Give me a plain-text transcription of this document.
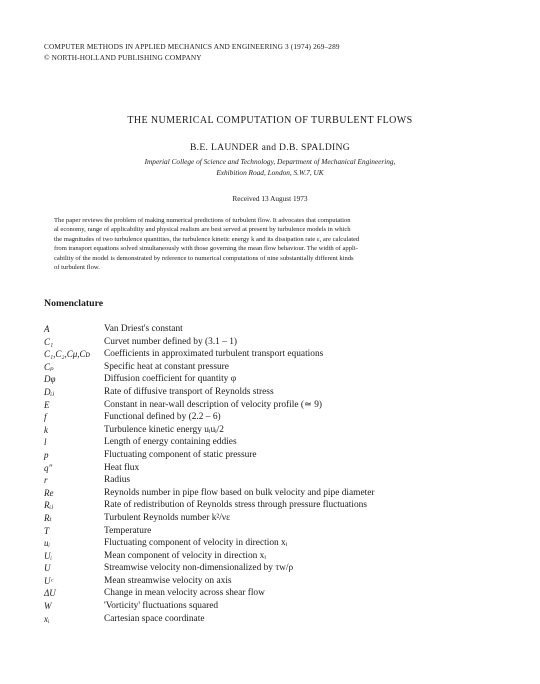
COMPUTER METHODS IN APPLIED MECHANICS AND ENGINEERING 3 (1974) 269–289
© NORTH-HOLLAND PUBLISHING COMPANY
THE NUMERICAL COMPUTATION OF TURBULENT FLOWS
B.E. LAUNDER and D.B. SPALDING
Imperial College of Science and Technology, Department of Mechanical Engineering,
Exhibition Road, London, S.W.7, UK
Received 13 August 1973
The paper reviews the problem of making numerical predictions of turbulent flow. It advocates that computation
al economy, range of applicability and physical realism are best served at present by turbulence models in which
the magnitudes of two turbulence quantities, the turbulence kinetic energy k and its dissipation rate ε, are calculated
from transport equations solved simultaneously with those governing the mean flow behaviour. The width of appli-
cability of the model is demonstrated by reference to numerical computations of nine substantially different kinds
of turbulent flow.
Nomenclature
A	Van Driest's constant
C₁	Curvet number defined by (3.1 – 1)
C₁,C₂,Cμ,Cᴅ Coefficients in approximated turbulent transport equations
Cₚ	Specific heat at constant pressure
Dφ	Diffusion coefficient for quantity φ
Dᵢⱼ	Rate of diffusive transport of Reynolds stress
E	Constant in near-wall description of velocity profile (≃ 9)
f	Functional defined by (2.2 – 6)
k	Turbulence kinetic energy uᵢuᵢ/2
l	Length of energy containing eddies
p	Fluctuating component of static pressure
q″	Heat flux
r	Radius
Re	Reynolds number in pipe flow based on bulk velocity and pipe diameter
Rᵢⱼ	Rate of redistribution of Reynolds stress through pressure fluctuations
Rₜ	Turbulent Reynolds number k²/νε
T	Temperature
uᵢ	Fluctuating component of velocity in direction xᵢ
Uᵢ	Mean component of velocity in direction xᵢ
U	Streamwise velocity non-dimensionalized by τw/ρ
Uᶜ	Mean streamwise velocity on axis
ΔU	Change in mean velocity across shear flow
W	'Vorticity' fluctuations squared
xᵢ	Cartesian space coordinate
